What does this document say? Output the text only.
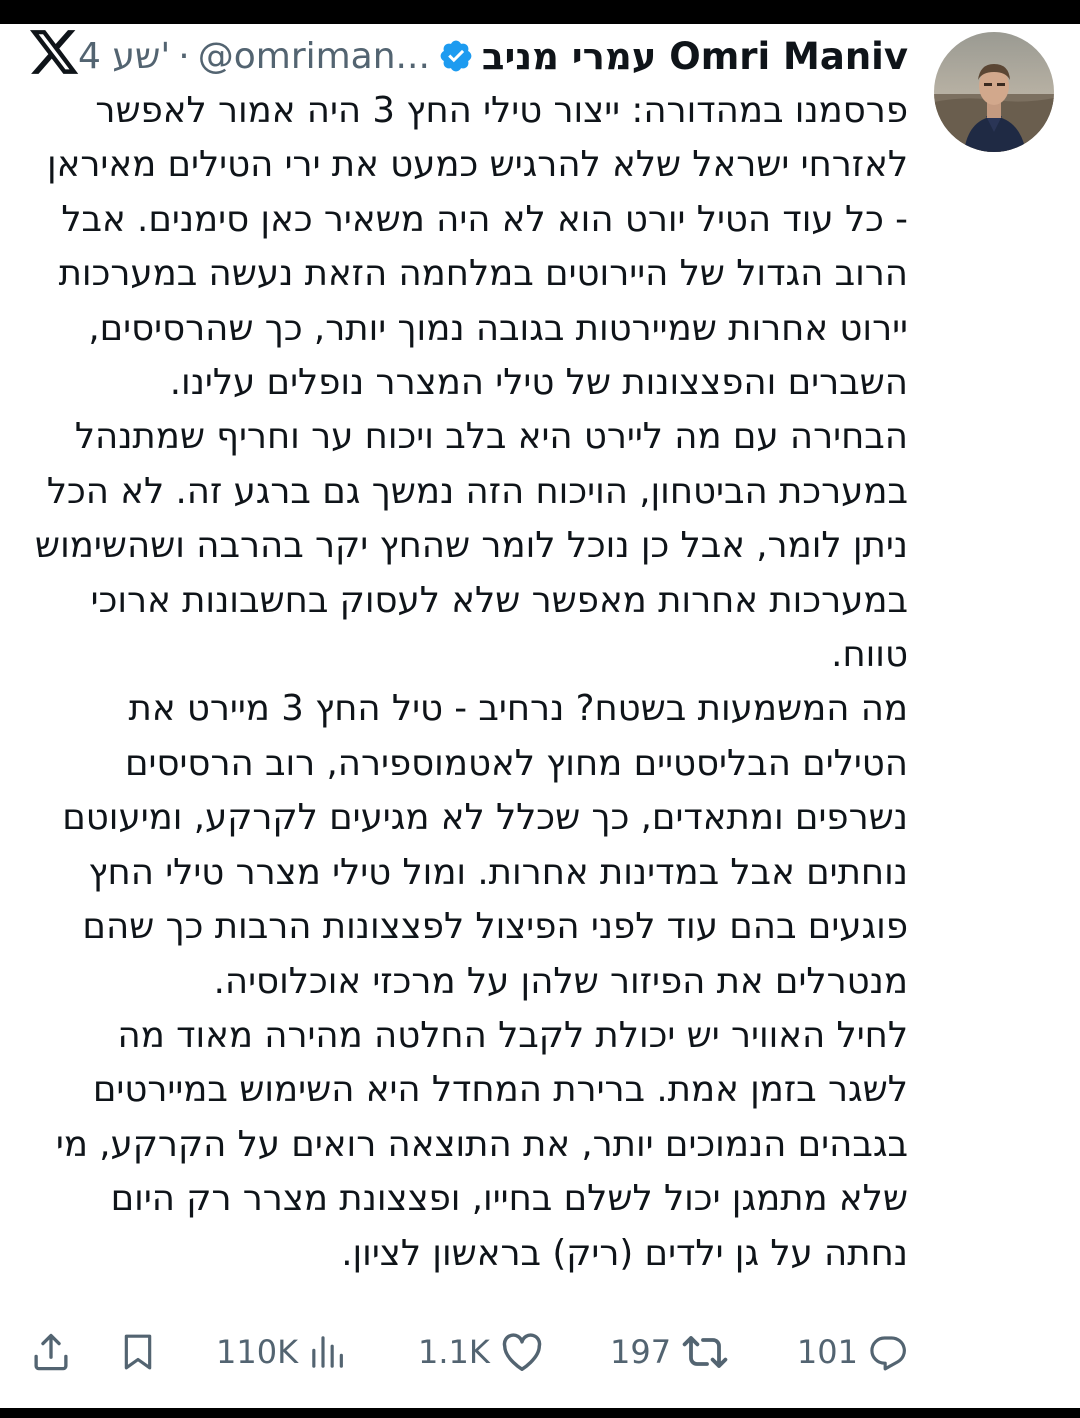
4 שע' · @omriman... עמרי מניב Omri Maniv
פרסמנו במהדורה: ייצור טילי החץ 3 היה אמור לאפשר לאזרחי ישראל שלא להרגיש כמעט את ירי הטילים מאיראן - כל עוד הטיל יורט הוא לא היה משאיר כאן סימנים. אבל הרוב הגדול של היירוטים במלחמה הזאת נעשה במערכות יירוט אחרות שמיירטות בגובה נמוך יותר, כך שהרסיסים, השברים והפצצונות של טילי המצרר נופלים עלינו.
הבחירה עם מה ליירט היא בלב ויכוח ער וחריף שמתנהל במערכת הביטחון, הויכוח הזה נמשך גם ברגע זה. לא הכל ניתן לומר, אבל כן נוכל לומר שהחץ יקר בהרבה ושהשימוש במערכות אחרות מאפשר שלא לעסוק בחשבונות ארוכי טווח.
מה המשמעות בשטח? נרחיב - טיל החץ 3 מיירט את הטילים הבליסטיים מחוץ לאטמוספירה, רוב הרסיסים נשרפים ומתאדים, כך שכלל לא מגיעים לקרקע, ומיעוטם נוחתים אבל במדינות אחרות. ומול טילי מצרר טילי החץ פוגעים בהם עוד לפני הפיצול לפצצונות הרבות כך שהם מנטרלים את הפיזור שלהן על מרכזי אוכלוסיה.
לחיל האוויר יש יכולת לקבל החלטה מהירה מאוד מה לשגר בזמן אמת. ברירת המחדל היא השימוש במיירטים בגבהים הנמוכים יותר, את התוצאה רואים על הקרקע, מי שלא מתמגן יכול לשלם בחייו, ופצצונת מצרר רק היום נחתה על גן ילדים (ריק) בראשון לציון.
101
197
1.1K
110K
